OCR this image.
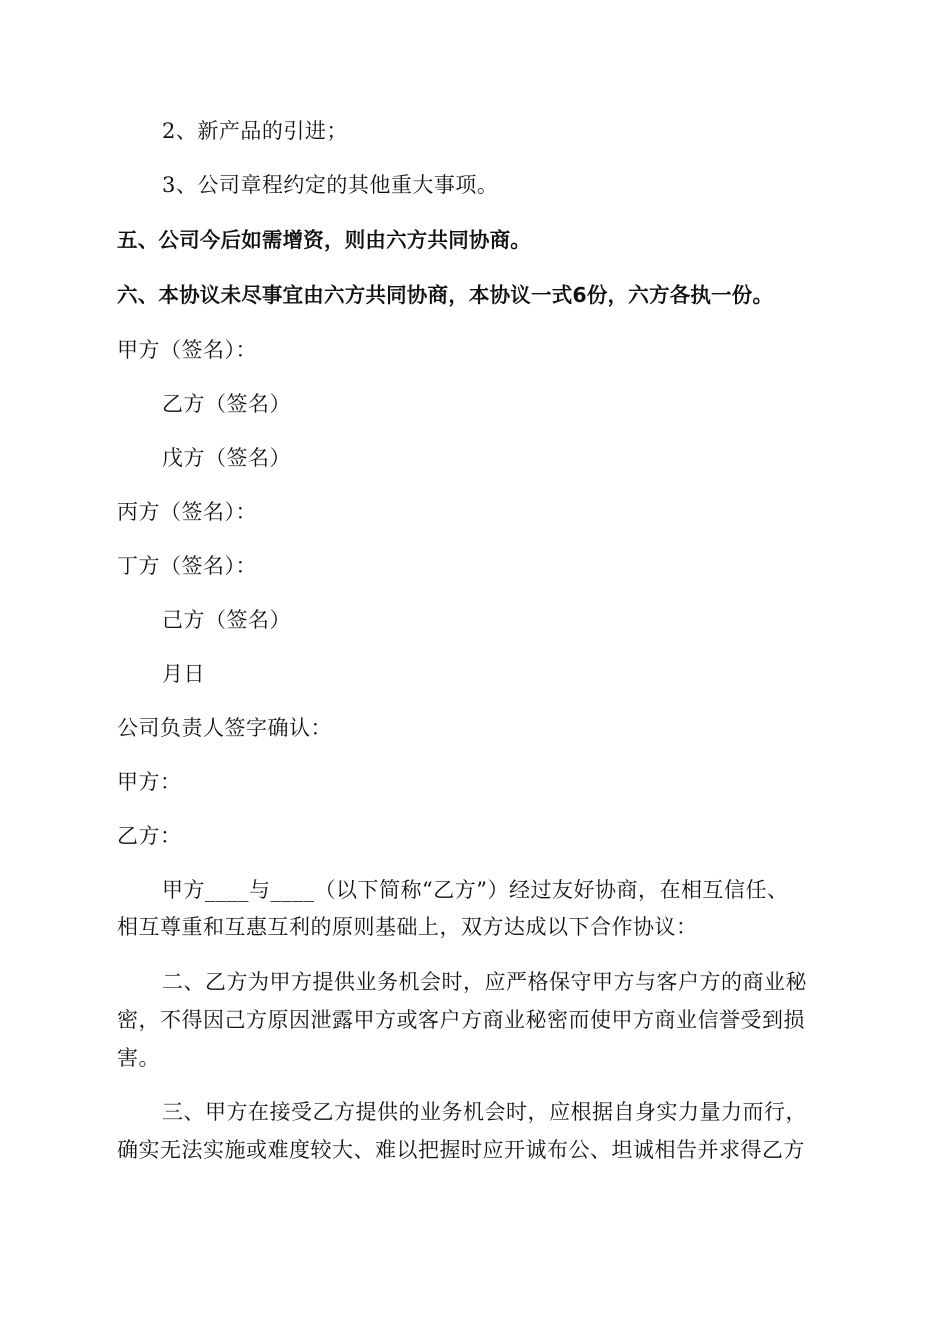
2、新产品的引进；
3、公司章程约定的其他重大事项。
五、公司今后如需增资，则由六方共同协商。
六、本协议未尽事宜由六方共同协商，本协议一式6份，六方各执一份。
甲方（签名）：
乙方（签名）
戊方（签名）
丙方（签名）：
丁方（签名）：
己方（签名）
月日
公司负责人签字确认：
甲方：
乙方：
甲方____与____（以下简称“乙方”）经过友好协商，在相互信任、
相互尊重和互惠互利的原则基础上，双方达成以下合作协议：
二、乙方为甲方提供业务机会时，应严格保守甲方与客户方的商业秘
密，不得因己方原因泄露甲方或客户方商业秘密而使甲方商业信誉受到损
害。
三、甲方在接受乙方提供的业务机会时，应根据自身实力量力而行，
确实无法实施或难度较大、难以把握时应开诚布公、坦诚相告并求得乙方
